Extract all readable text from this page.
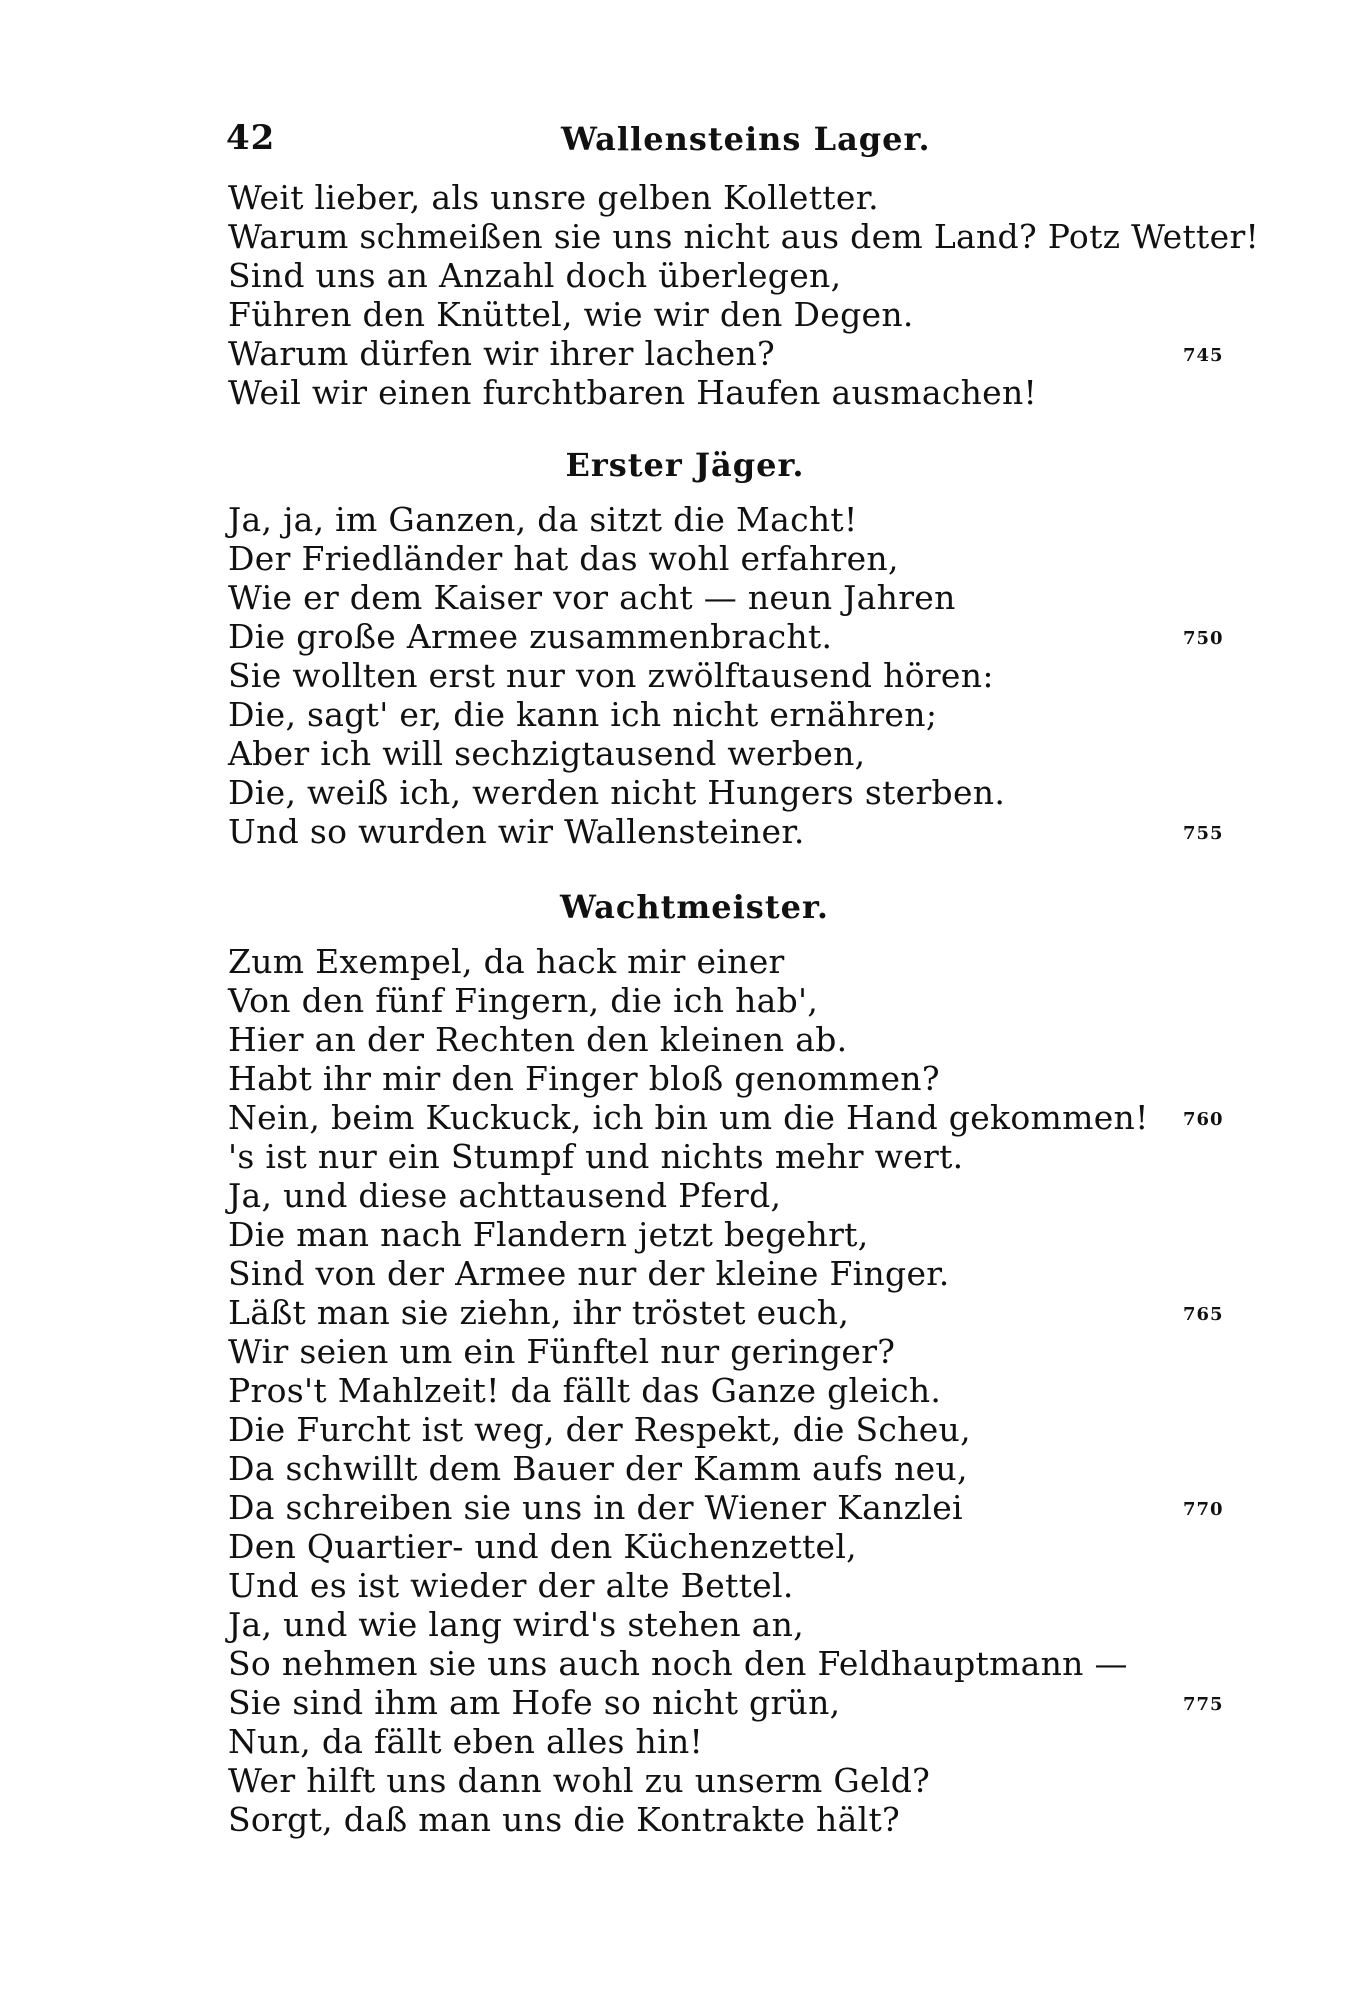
42	Wallensteins Lager.
Weit lieber, als unsre gelben Kolletter.
Warum schmeißen sie uns nicht aus dem Land? Potz Wetter!
Sind uns an Anzahl doch überlegen,
Führen den Knüttel, wie wir den Degen.
Warum dürfen wir ihrer lachen?	745
Weil wir einen furchtbaren Haufen ausmachen!
Erster Jäger.
Ja, ja, im Ganzen, da sitzt die Macht!
Der Friedländer hat das wohl erfahren,
Wie er dem Kaiser vor acht — neun Jahren
Die große Armee zusammenbracht.	750
Sie wollten erst nur von zwölftausend hören:
Die, sagt' er, die kann ich nicht ernähren;
Aber ich will sechzigtausend werben,
Die, weiß ich, werden nicht Hungers sterben.
Und so wurden wir Wallensteiner.	755
Wachtmeister.
Zum Exempel, da hack mir einer
Von den fünf Fingern, die ich hab',
Hier an der Rechten den kleinen ab.
Habt ihr mir den Finger bloß genommen?
Nein, beim Kuckuck, ich bin um die Hand gekommen! 760
's ist nur ein Stumpf und nichts mehr wert.
Ja, und diese achttausend Pferd,
Die man nach Flandern jetzt begehrt,
Sind von der Armee nur der kleine Finger.
Läßt man sie ziehn, ihr tröstet euch,	765
Wir seien um ein Fünftel nur geringer?
Pros't Mahlzeit! da fällt das Ganze gleich.
Die Furcht ist weg, der Respekt, die Scheu,
Da schwillt dem Bauer der Kamm aufs neu,
Da schreiben sie uns in der Wiener Kanzlei	770
Den Quartier- und den Küchenzettel,
Und es ist wieder der alte Bettel.
Ja, und wie lang wird's stehen an,
So nehmen sie uns auch noch den Feldhauptmann —
Sie sind ihm am Hofe so nicht grün,	775
Nun, da fällt eben alles hin!
Wer hilft uns dann wohl zu unserm Geld?
Sorgt, daß man uns die Kontrakte hält?
